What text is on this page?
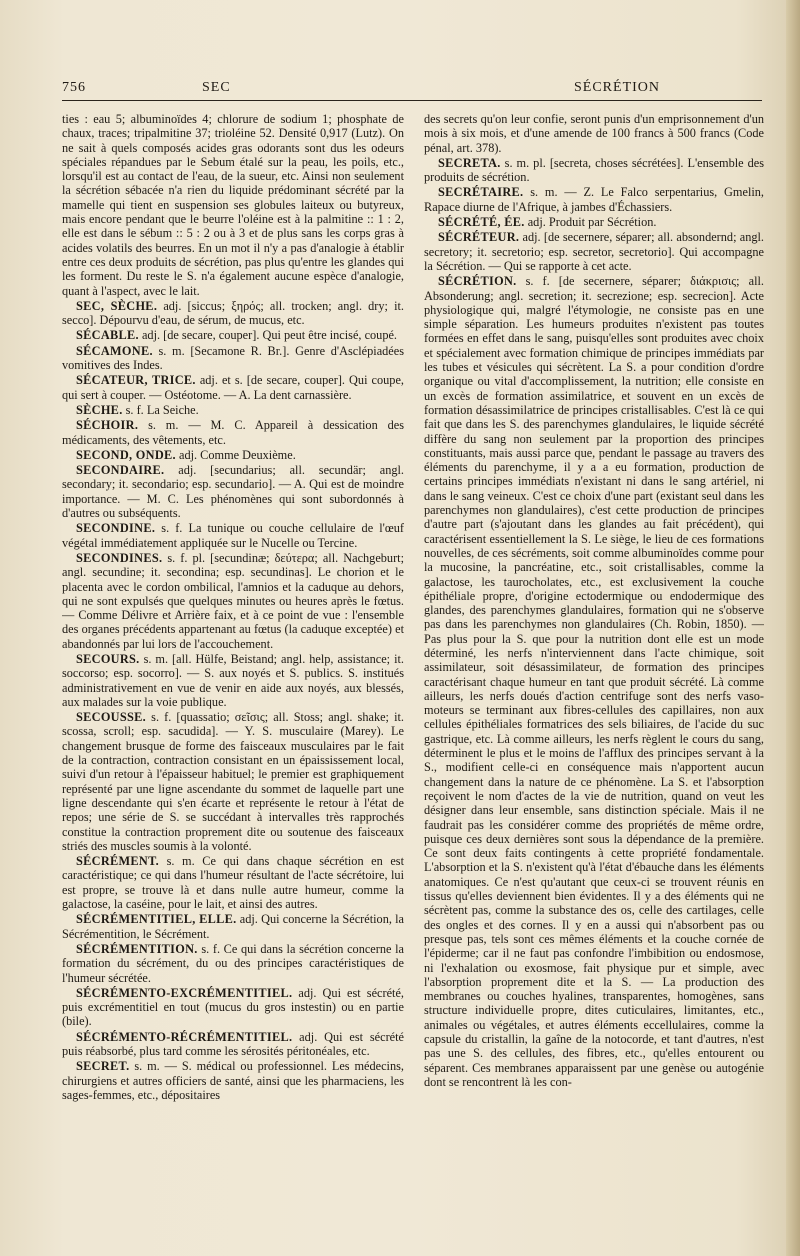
756	SEC	SÉCRÉTION

ties : eau 5; albuminoïdes 4; chlorure de sodium 1; phosphate de chaux, traces; tripalmitine 37; trioléine 52. Densité 0,917 (Lutz). On ne sait à quels composés acides gras odorants sont dus les odeurs spéciales répandues par le Sebum étalé sur la peau, les poils, etc., lorsqu'il est au contact de l'eau, de la sueur, etc. Ainsi non seulement la sécrétion sébacée n'a rien du liquide prédominant sécrété par la mamelle qui tient en suspension ses globules laiteux ou butyreux, mais encore pendant que le beurre l'oléine est à la palmitine :: 1 : 2, elle est dans le sébum :: 5 : 2 ou à 3 et de plus sans les corps gras à acides volatils des beurres. En un mot il n'y a pas d'analogie à établir entre ces deux produits de sécrétion, pas plus qu'entre les glandes qui les forment. Du reste le S. n'a également aucune espèce d'analogie, quant à l'aspect, avec le lait.

SEC, SÈCHE. adj. [siccus; ξηρός; all. trocken; angl. dry; it. secco]. Dépourvu d'eau, de sérum, de mucus, etc.

SÉCABLE. adj. [de secare, couper]. Qui peut être incisé, coupé.

SÉCAMONE. s. m. [Secamone R. Br.]. Genre d'Asclépiadées vomitives des Indes.

SÉCATEUR, TRICE. adj. et s. [de secare, couper]. Qui coupe, qui sert à couper. — Ostéotome. — A. La dent carnassière.

SÈCHE. s. f. La Seiche.

SÉCHOIR. s. m. — M. C. Appareil à dessication des médicaments, des vêtements, etc.

SECOND, ONDE. adj. Comme Deuxième.

SECONDAIRE. adj. [secundarius; all. secundär; angl. secondary; it. secondario; esp. secundario]. — A. Qui est de moindre importance. — M. C. Les phénomènes qui sont subordonnés à d'autres ou subséquents.

SECONDINE. s. f. La tunique ou couche cellulaire de l'œuf végétal immédiatement appliquée sur le Nucelle ou Tercine.

SECONDINES. s. f. pl. [secundinæ; δεύτερα; all. Nachgeburt; angl. secundine; it. secondina; esp. secundinas]. Le chorion et le placenta avec le cordon ombilical, l'amnios et la caduque au dehors, qui ne sont expulsés que quelques minutes ou heures après le fœtus. — Comme Délivre et Arrière faix, et à ce point de vue : l'ensemble des organes précédents appartenant au fœtus (la caduque exceptée) et abandonnés par lui lors de l'accouchement.

SECOURS. s. m. [all. Hülfe, Beistand; angl. help, assistance; it. soccorso; esp. socorro]. — S. aux noyés et S. publics. S. institués administrativement en vue de venir en aide aux noyés, aux blessés, aux malades sur la voie publique.

SECOUSSE. s. f. [quassatio; σεῖσις; all. Stoss; angl. shake; it. scossa, scroll; esp. sacudida]. — Y. S. musculaire (Marey). Le changement brusque de forme des faisceaux musculaires par le fait de la contraction, contraction consistant en un épaississement local, suivi d'un retour à l'épaisseur habituel; le premier est graphiquement représenté par une ligne ascendante du sommet de laquelle part une ligne descendante qui s'en écarte et représente le retour à l'état de repos; une série de S. se succédant à intervalles très rapprochés constitue la contraction proprement dite ou soutenue des faisceaux striés des muscles soumis à la volonté.

SÉCRÉMENT. s. m. Ce qui dans chaque sécrétion en est caractéristique; ce qui dans l'humeur résultant de l'acte sécrétoire, lui est propre, se trouve là et dans nulle autre humeur, comme la galactose, la caséine, pour le lait, et ainsi des autres.

SÉCRÉMENTITIEL, ELLE. adj. Qui concerne la Sécrétion, la Sécrémentition, le Sécrément.

SÉCRÉMENTITION. s. f. Ce qui dans la sécrétion concerne la formation du sécrément, du ou des principes caractéristiques de l'humeur sécrétée.

SÉCRÉMENTO-EXCRÉMENTITIEL. adj. Qui est sécrété, puis excrémentitiel en tout (mucus du gros instestin) ou en partie (bile).

SÉCRÉMENTO-RÉCRÉMENTITIEL. adj. Qui est sécrété puis réabsorbé, plus tard comme les sérosités péritonéales, etc.

SECRET. s. m. — S. médical ou professionnel. Les médecins, chirurgiens et autres officiers de santé, ainsi que les pharmaciens, les sages-femmes, etc., dépositaires

des secrets qu'on leur confie, seront punis d'un emprisonnement d'un mois à six mois, et d'une amende de 100 francs à 500 francs (Code pénal, art. 378).

SECRETA. s. m. pl. [secreta, choses sécrétées]. L'ensemble des produits de sécrétion.

SECRÉTAIRE. s. m. — Z. Le Falco serpentarius, Gmelin, Rapace diurne de l'Afrique, à jambes d'Échassiers.

SÉCRÉTÉ, ÉE. adj. Produit par Sécrétion.

SÉCRÉTEUR. adj. [de secernere, séparer; all. absondernd; angl. secretory; it. secretorio; esp. secretor, secretorio]. Qui accompagne la Sécrétion. — Qui se rapporte à cet acte.

SÉCRÉTION. s. f. [de secernere, séparer; διάκρισις; all. Absonderung; angl. secretion; it. secrezione; esp. secrecion]. Acte physiologique qui, malgré l'étymologie, ne consiste pas en une simple séparation. Les humeurs produites n'existent pas toutes formées en effet dans le sang, puisqu'elles sont produites avec choix et spécialement avec formation chimique de principes immédiats par les tubes et vésicules qui sécrètent. La S. a pour condition d'ordre organique ou vital d'accomplissement, la nutrition; elle consiste en un excès de formation assimilatrice, et souvent en un excès de formation désassimilatrice de principes cristallisables. C'est là ce qui fait que dans les S. des parenchymes glandulaires, le liquide sécrété diffère du sang non seulement par la proportion des principes constituants, mais aussi parce que, pendant le passage au travers des éléments du parenchyme, il y a a eu formation, production de certains principes immédiats n'existant ni dans le sang artériel, ni dans le sang veineux. C'est ce choix d'une part (existant seul dans les parenchymes non glandulaires), c'est cette production de principes d'autre part (s'ajoutant dans les glandes au fait précédent), qui caractérisent essentiellement la S. Le siège, le lieu de ces formations nouvelles, de ces sécréments, soit comme albuminoïdes comme pour la mucosine, la pancréatine, etc., soit cristallisables, comme la galactose, les taurocholates, etc., est exclusivement la couche épithéliale propre, d'origine ectodermique ou endodermique des glandes, des parenchymes glandulaires, formation qui ne s'observe pas dans les parenchymes non glandulaires (Ch. Robin, 1850). — Pas plus pour la S. que pour la nutrition dont elle est un mode déterminé, les nerfs n'interviennent dans l'acte chimique, soit assimilateur, soit désassimilateur, de formation des principes caractérisant chaque humeur en tant que produit sécrété. Là comme ailleurs, les nerfs doués d'action centrifuge sont des nerfs vaso-moteurs se terminant aux fibres-cellules des capillaires, non aux cellules épithéliales formatrices des sels biliaires, de l'acide du suc gastrique, etc. Là comme ailleurs, les nerfs règlent le cours du sang, déterminent le plus et le moins de l'afflux des principes servant à la S., modifient celle-ci en conséquence mais n'apportent aucun changement dans la nature de ce phénomène. La S. et l'absorption reçoivent le nom d'actes de la vie de nutrition, quand on veut les désigner dans leur ensemble, sans distinction spéciale. Mais il ne faudrait pas les considérer comme des propriétés de même ordre, puisque ces deux dernières sont sous la dépendance de la première. Ce sont deux faits contingents à cette propriété fondamentale. L'absorption et la S. n'existent qu'à l'état d'ébauche dans les éléments anatomiques. Ce n'est qu'autant que ceux-ci se trouvent réunis en tissus qu'elles deviennent bien évidentes. Il y a des éléments qui ne sécrètent pas, comme la substance des os, celle des cartilages, celle des ongles et des cornes. Il y en a aussi qui n'absorbent pas ou presque pas, tels sont ces mêmes éléments et la couche cornée de l'épiderme; car il ne faut pas confondre l'imbibition ou endosmose, ni l'exhalation ou exosmose, fait physique pur et simple, avec l'absorption proprement dite et la S. — La production des membranes ou couches hyalines, transparentes, homogènes, sans structure individuelle propre, dites cuticulaires, limitantes, etc., animales ou végétales, et autres éléments eccellulaires, comme la capsule du cristallin, la gaîne de la notocorde, et tant d'autres, n'est pas une S. des cellules, des fibres, etc., qu'elles entourent ou séparent. Ces membranes apparaissent par une genèse ou autogénie dont se rencontrent là les con-
